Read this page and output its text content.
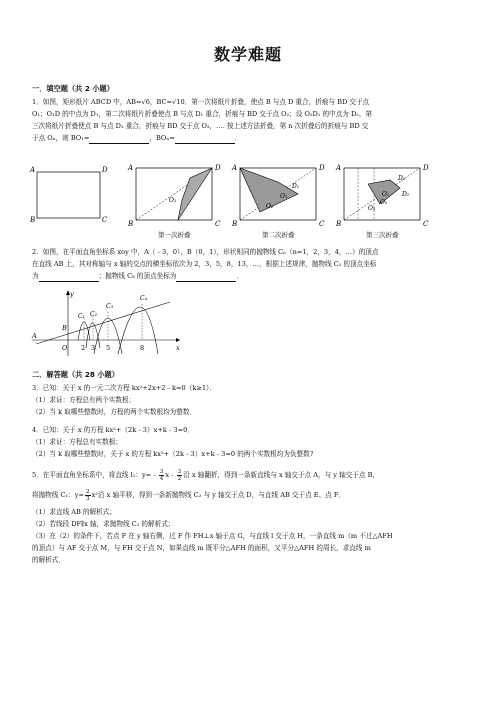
数学难题
一．填空题（共 2 小题）
1．如图，矩形纸片 ABCD 中，AB=√6，BC=√10．第一次将纸片折叠，使点 B 与点 D 重合，折痕与 BD 交于点
O₁；O₁D 的中点为 D₁，第二次将纸片折叠使点 B 与点 D₁ 重合，折痕与 BD 交于点 O₂；设 O₂D₁ 的中点为 D₂，第
三次将纸片折叠使点 B 与点 D₂ 重合，折痕与 BD 交于点 O₃，…. 按上述方法折叠，第 n 次折叠后的折痕与 BD 交
于点 Oₙ，则 BO₁=	，BOₙ=	．
A	D
B	C
A	D
B	C
O₁
第一次折叠
A	D
B	C
D₁
O₁
O₂
第二次折叠
A	D
B	C
D₁
D₂
O₁
O₂
O₃
第三次折叠
2．如图，在平面直角坐标系 xoy 中，A（﹣3，0），B（0，1），形状相同的抛物线 Cₙ（n=1，2，3，4，…）的顶点
在直线 AB 上，其对称轴与 x 轴的交点的横坐标依次为 2，3，5，8，13，…，根据上述规律，抛物线 C₂ 的顶点坐标
为	；抛物线 C₈ 的顶点坐标为	．
y
x
A
B
O
C₁ C₂
C₃
C₄
2 3 5	8
二．解答题（共 28 小题）
3．已知：关于 x 的一元二次方程 kx²+2x+2﹣k=0（k≥1）．
（1）求证：方程总有两个实数根；
（2）当 k 取哪些整数时，方程的两个实数根均为整数．
4．已知：关于 x 的方程 kx²+（2k﹣3）x+k﹣3=0．
（1）求证：方程总有实数根；
（2）当 k 取哪些整数时，关于 x 的方程 kx²+（2k﹣3）x+k﹣3=0 的两个实数根均为负整数?
5．在平面直角坐标系中，将直线 l₁：y=﹣ $\frac{3}{4}$ x﹣ $\frac{3}{2}$ 沿 x 轴翻折，得到一条新直线与 x 轴交于点 A，与 y 轴交于点 B，
将抛物线 C₁：$y= \frac{2}{3} x^2$沿 x 轴平移，得到一条新抛物线 C₂ 与 y 轴交于点 D，与直线 AB 交于点 E、点 F．
（1）求直线 AB 的解析式；
（2）若线段 DF∥x 轴，求抛物线 C₂ 的解析式；
（3）在（2）的条件下，若点 F 在 y 轴右侧，过 F 作 FH⊥x 轴于点 G，与直线 l 交于点 H，一条直线 m（m 不过△AFH
的顶点）与 AF 交于点 M，与 FH 交于点 N，如果直线 m 既平分△AFH 的面积，又平分△AFH 的周长，求直线 m
的解析式．
